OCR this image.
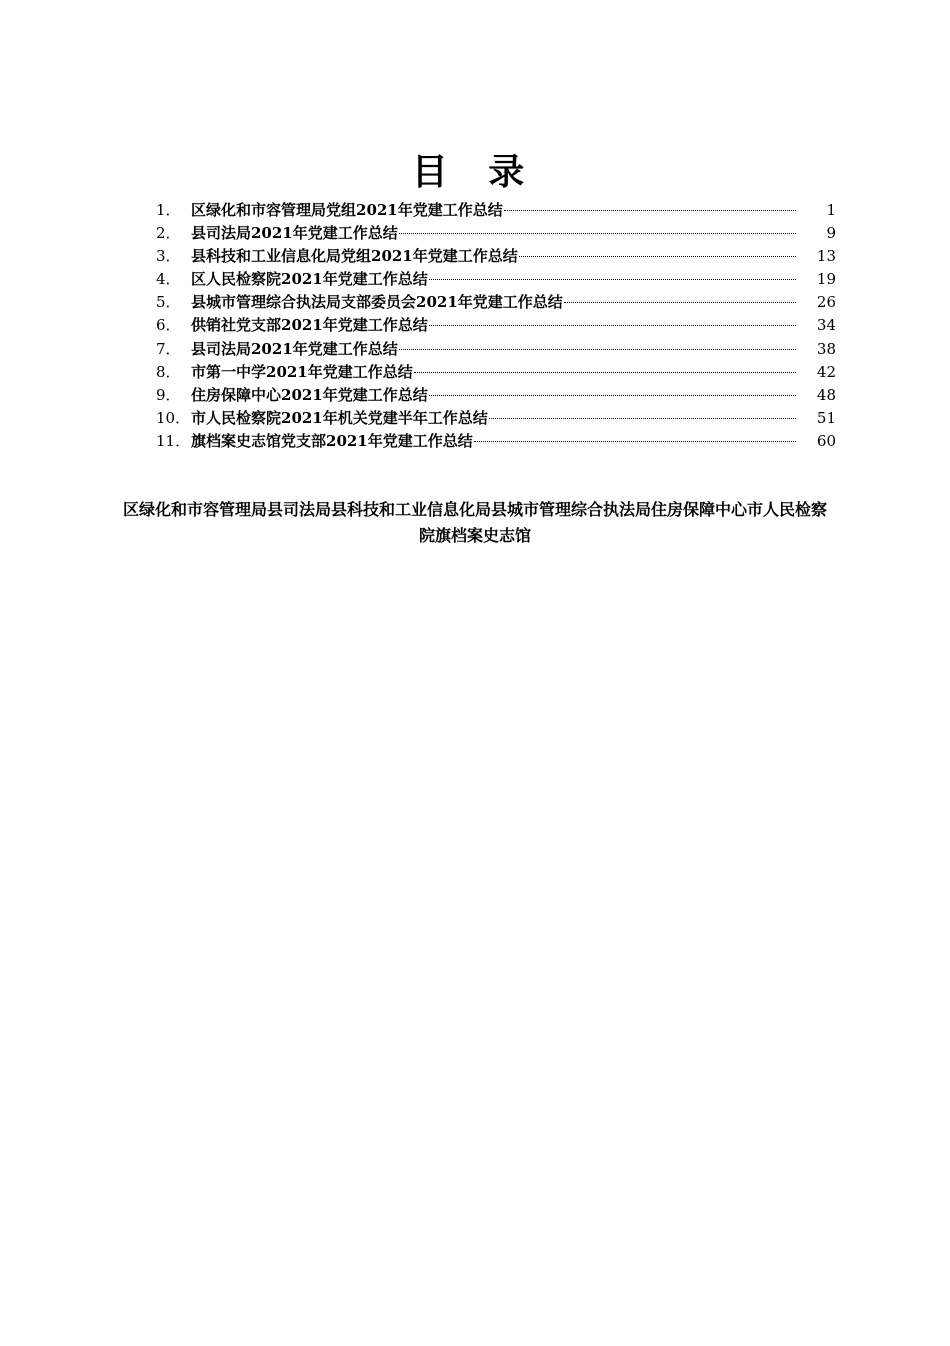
目 录
1． 区绿化和市容管理局党组2021年党建工作总结	1
2． 县司法局2021年党建工作总结	9
3． 县科技和工业信息化局党组2021年党建工作总结	13
4． 区人民检察院2021年党建工作总结	19
5． 县城市管理综合执法局支部委员会2021年党建工作总结	26
6． 供销社党支部2021年党建工作总结	34
7． 县司法局2021年党建工作总结	38
8． 市第一中学2021年党建工作总结	42
9． 住房保障中心2021年党建工作总结	48
10． 市人民检察院2021年机关党建半年工作总结	51
11． 旗档案史志馆党支部2021年党建工作总结	60
区绿化和市容管理局县司法局县科技和工业信息化局县城市管理综合执法局住房保障中心市人民检察院旗档案史志馆
